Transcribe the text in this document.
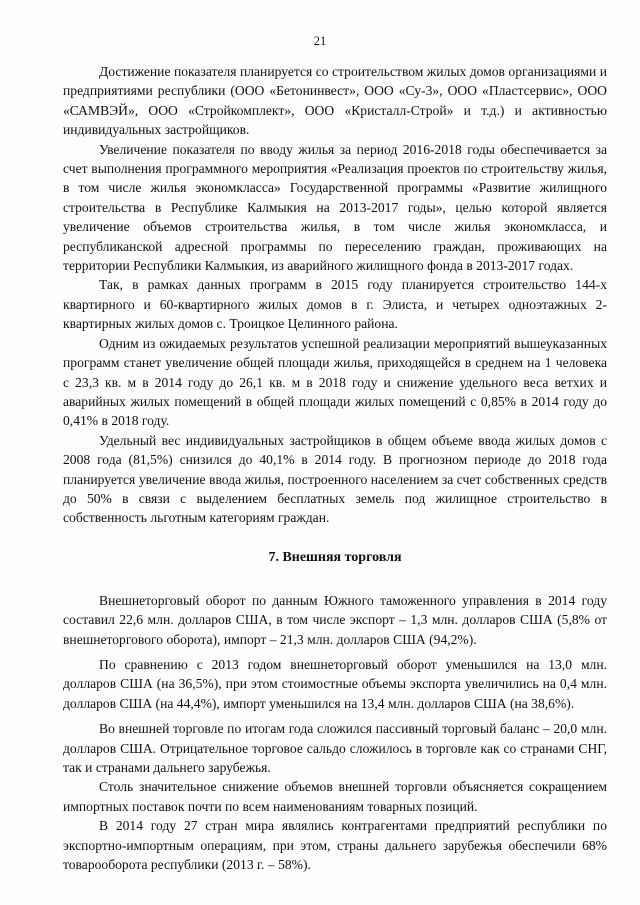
21

Достижение показателя планируется со строительством жилых домов организациями и предприятиями республики (ООО «Бетонинвест», ООО «Су-3», ООО «Пластсервис», ООО «САМВЭЙ», ООО «Стройкомплект», ООО «Кристалл-Строй» и т.д.) и активностью индивидуальных застройщиков.

Увеличение показателя по вводу жилья за период 2016-2018 годы обеспечивается за счет выполнения программного мероприятия «Реализация проектов по строительству жилья, в том числе жилья экономкласса» Государственной программы «Развитие жилищного строительства в Республике Калмыкия на 2013-2017 годы», целью которой является увеличение объемов строительства жилья, в том числе жилья экономкласса, и республиканской адресной программы по переселению граждан, проживающих на территории Республики Калмыкия, из аварийного жилищного фонда в 2013-2017 годах.

Так, в рамках данных программ в 2015 году планируется строительство 144-х квартирного и 60-квартирного жилых домов в г. Элиста, и четырех одноэтажных 2-квартирных жилых домов с. Троицкое Целинного района.

Одним из ожидаемых результатов успешной реализации мероприятий вышеуказанных программ станет увеличение общей площади жилья, приходящейся в среднем на 1 человека с 23,3 кв. м в 2014 году до 26,1 кв. м в 2018 году и снижение удельного веса ветхих и аварийных жилых помещений в общей площади жилых помещений с 0,85% в 2014 году до 0,41% в 2018 году.

Удельный вес индивидуальных застройщиков в общем объеме ввода жилых домов с 2008 года (81,5%) снизился до 40,1% в 2014 году. В прогнозном периоде до 2018 года планируется увеличение ввода жилья, построенного населением за счет собственных средств до 50% в связи с выделением бесплатных земель под жилищное строительство в собственность льготным категориям граждан.

7. Внешняя торговля

Внешнеторговый оборот по данным Южного таможенного управления в 2014 году составил 22,6 млн. долларов США, в том числе экспорт – 1,3 млн. долларов США (5,8% от внешнеторгового оборота), импорт – 21,3 млн. долларов США (94,2%).

По сравнению с 2013 годом внешнеторговый оборот уменьшился на 13,0 млн. долларов США (на 36,5%), при этом стоимостные объемы экспорта увеличились на 0,4 млн. долларов США (на 44,4%), импорт уменьшился на 13,4 млн. долларов США (на 38,6%).

Во внешней торговле по итогам года сложился пассивный торговый баланс – 20,0 млн. долларов США. Отрицательное торговое сальдо сложилось в торговле как со странами СНГ, так и странами дальнего зарубежья.

Столь значительное снижение объемов внешней торговли объясняется сокращением импортных поставок почти по всем наименованиям товарных позиций.

В 2014 году 27 стран мира являлись контрагентами предприятий республики по экспортно-импортным операциям, при этом, страны дальнего зарубежья обеспечили 68% товарооборота республики (2013 г. – 58%).
